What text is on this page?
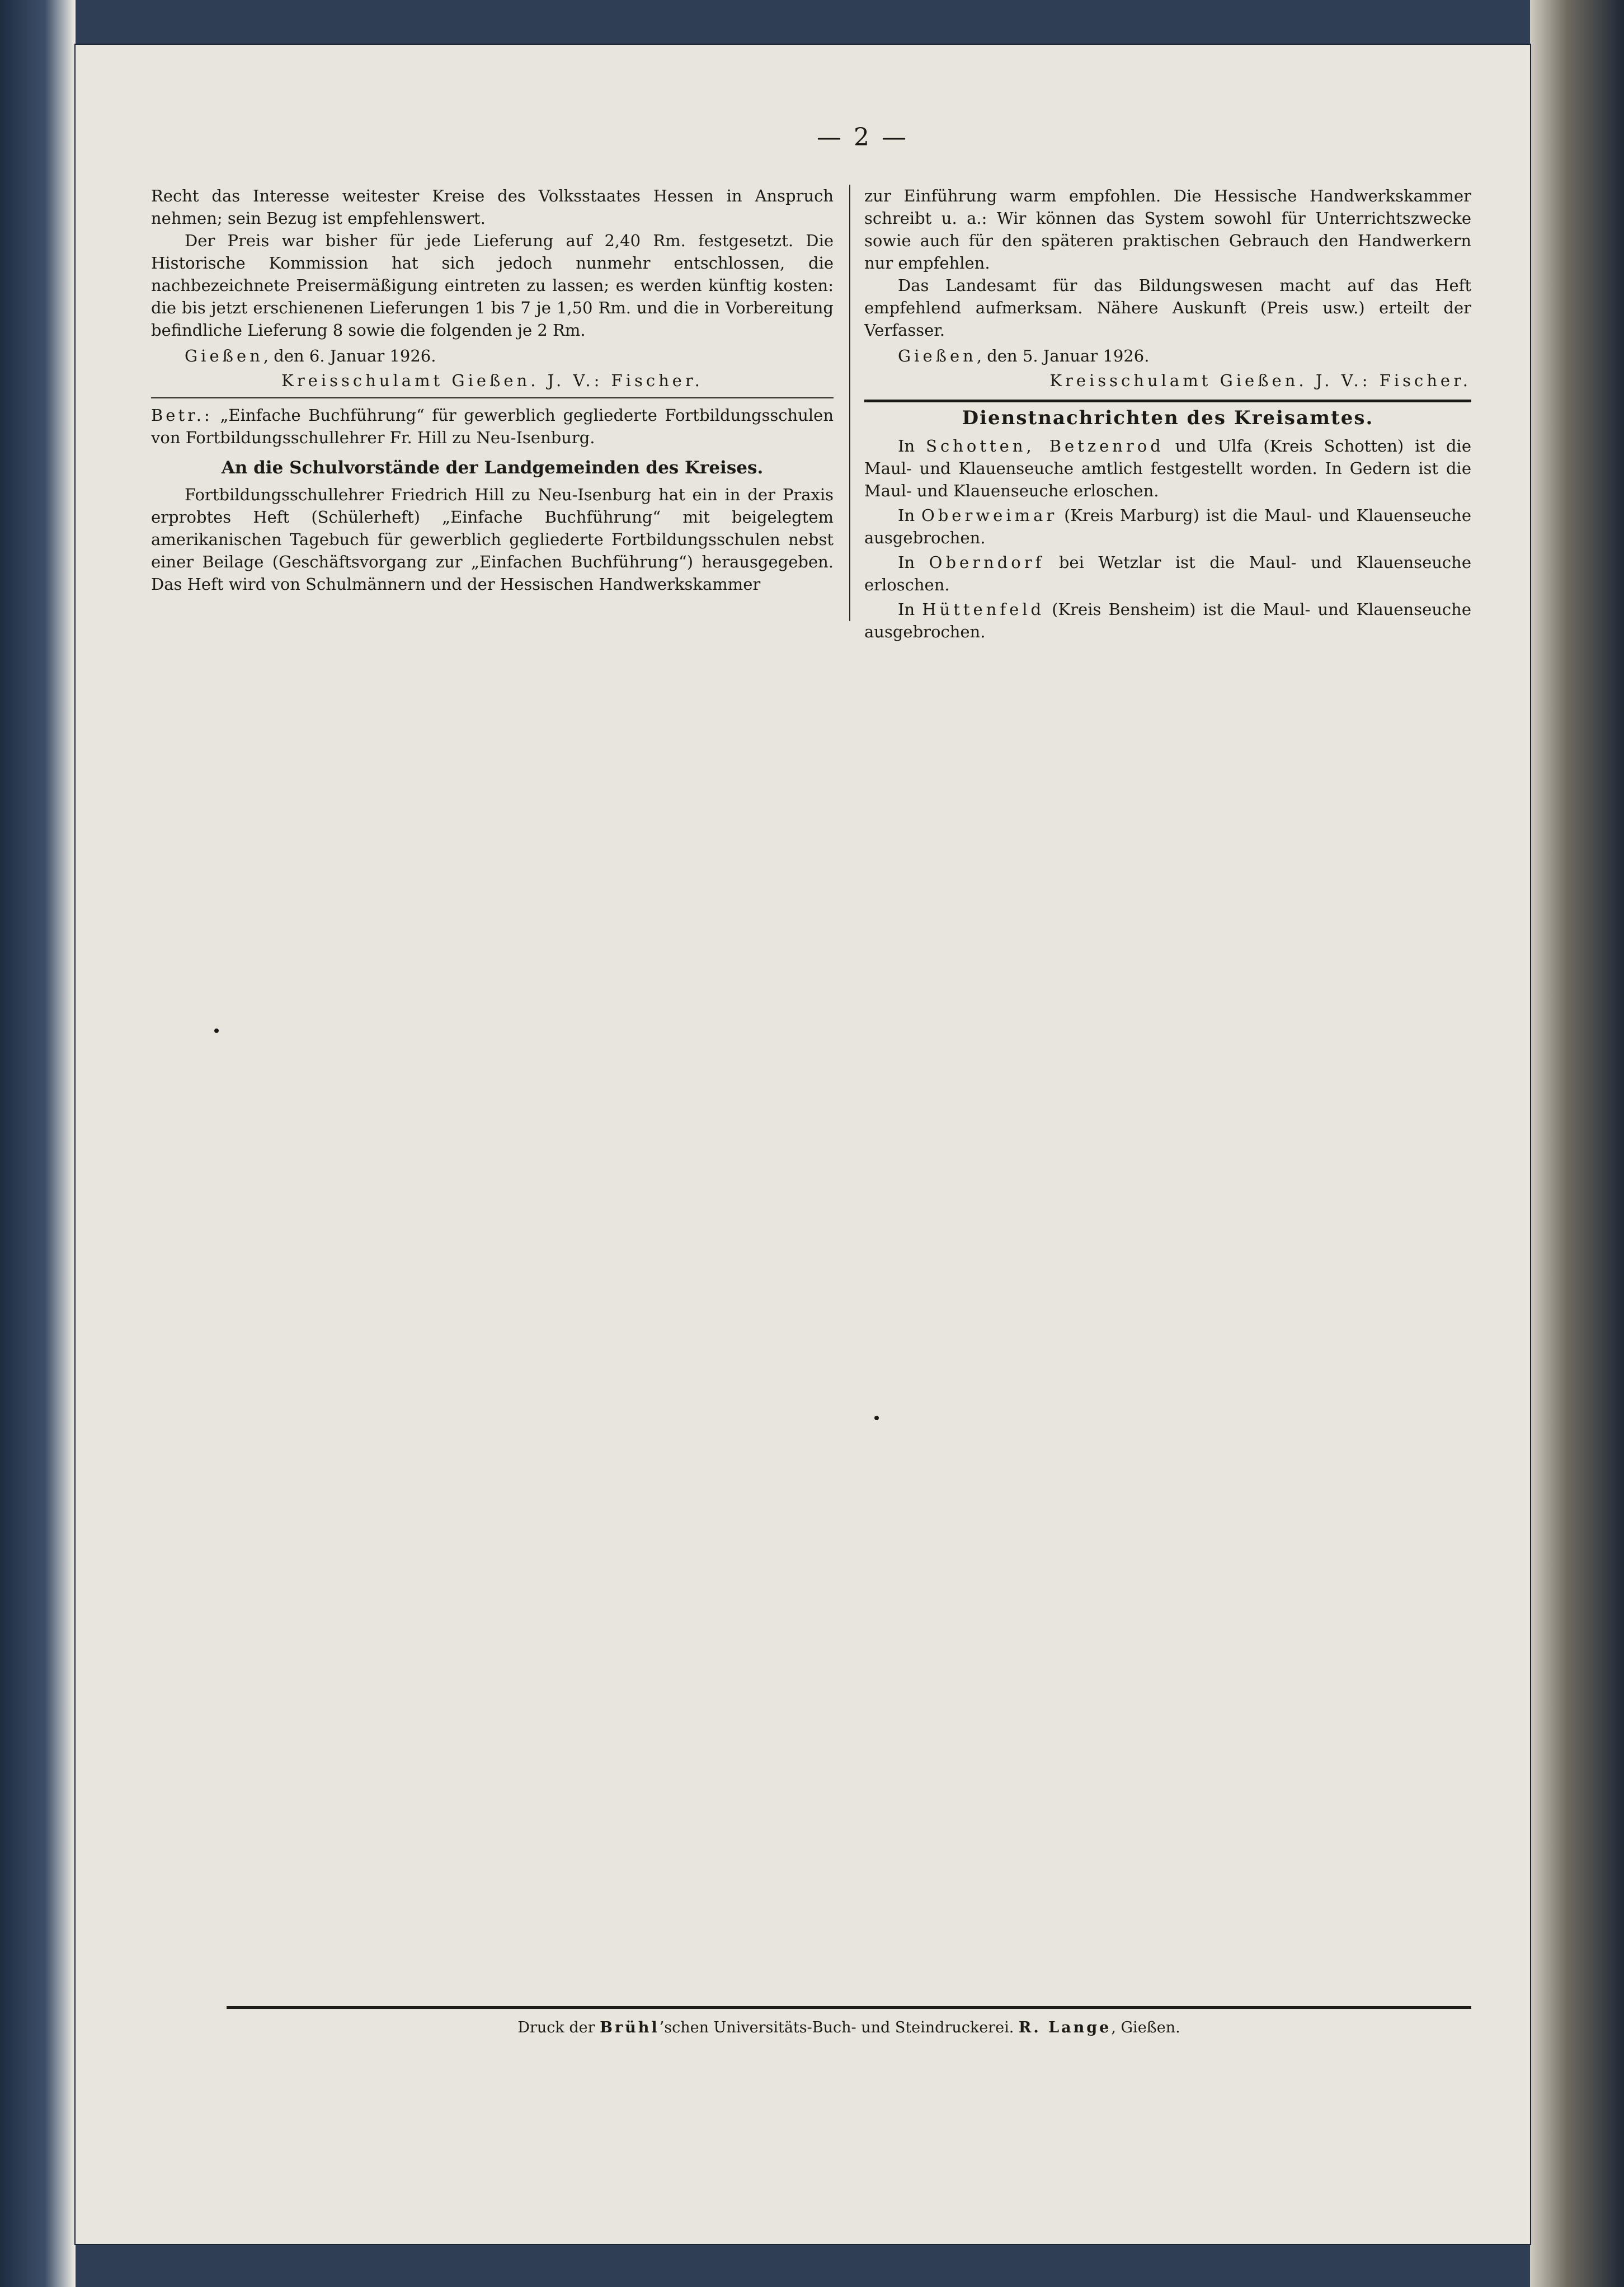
— 2 —

Recht das Interesse weitester Kreise des Volksstaates Hessen in Anspruch nehmen; sein Bezug ist empfehlenswert.

Der Preis war bisher für jede Lieferung auf 2,40 Rm. festgesetzt. Die Historische Kommission hat sich jedoch nunmehr entschlossen, die nachbezeichnete Preisermäßigung eintreten zu lassen; es werden künftig kosten: die bis jetzt erschienenen Lieferungen 1 bis 7 je 1,50 Rm. und die in Vorbereitung befindliche Lieferung 8 sowie die folgenden je 2 Rm.

Gießen, den 6. Januar 1926.

Kreisschulamt Gießen. J. V.: Fischer.

Betr.: „Einfache Buchführung“ für gewerblich gegliederte Fortbildungsschulen von Fortbildungsschullehrer Fr. Hill zu Neu-Isenburg.

An die Schulvorstände der Landgemeinden des Kreises.

Fortbildungsschullehrer Friedrich Hill zu Neu-Isenburg hat ein in der Praxis erprobtes Heft (Schülerheft) „Einfache Buchführung“ mit beigelegtem amerikanischen Tagebuch für gewerblich gegliederte Fortbildungsschulen nebst einer Beilage (Geschäftsvorgang zur „Einfachen Buchführung“) herausgegeben. Das Heft wird von Schulmännern und der Hessischen Handwerkskammer

zur Einführung warm empfohlen. Die Hessische Handwerkskammer schreibt u. a.: Wir können das System sowohl für Unterrichtszwecke sowie auch für den späteren praktischen Gebrauch den Handwerkern nur empfehlen.

Das Landesamt für das Bildungswesen macht auf das Heft empfehlend aufmerksam. Nähere Auskunft (Preis usw.) erteilt der Verfasser.

Gießen, den 5. Januar 1926.

Kreisschulamt Gießen. J. V.: Fischer.

Dienstnachrichten des Kreisamtes.

In Schotten, Betzenrod und Ulfa (Kreis Schotten) ist die Maul- und Klauenseuche amtlich festgestellt worden. In Gedern ist die Maul- und Klauenseuche erloschen.

In Oberweimar (Kreis Marburg) ist die Maul- und Klauenseuche ausgebrochen.

In Oberndorf bei Wetzlar ist die Maul- und Klauenseuche erloschen.

In Hüttenfeld (Kreis Bensheim) ist die Maul- und Klauenseuche ausgebrochen.

Druck der Brühl’schen Universitäts-Buch- und Steindruckerei. R. Lange, Gießen.
